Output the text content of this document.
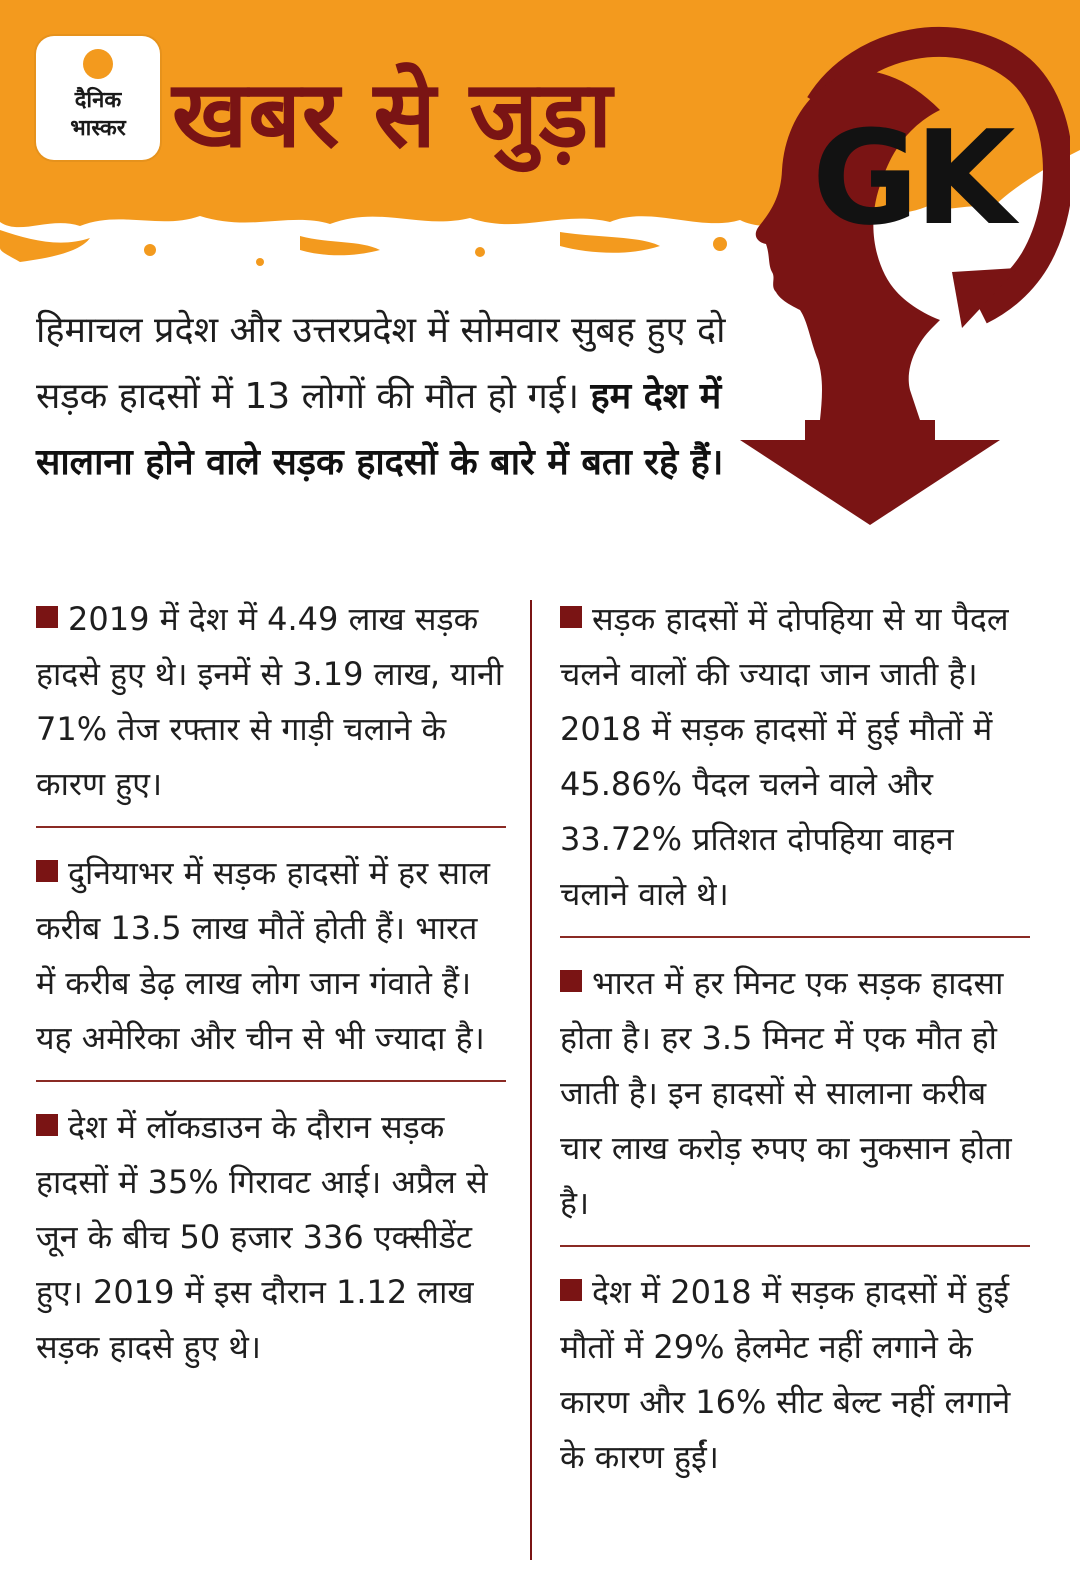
दैनिक
भास्कर खबर से जुड़ा GK
हिमाचल प्रदेश और उत्तरप्रदेश में सोमवार सुबह हुए दो सड़क हादसों में 13 लोगों की मौत हो गई। हम देश में सालाना होने वाले सड़क हादसों के बारे में बता रहे हैं।
2019 में देश में 4.49 लाख सड़क हादसे हुए थे। इनमें से 3.19 लाख, यानी 71% तेज रफ्तार से गाड़ी चलाने के कारण हुए।
दुनियाभर में सड़क हादसों में हर साल करीब 13.5 लाख मौतें होती हैं। भारत में करीब डेढ़ लाख लोग जान गंवाते हैं। यह अमेरिका और चीन से भी ज्यादा है।
देश में लॉकडाउन के दौरान सड़क हादसों में 35% गिरावट आई। अप्रैल से जून के बीच 50 हजार 336 एक्सीडेंट हुए। 2019 में इस दौरान 1.12 लाख सड़क हादसे हुए थे।
सड़क हादसों में दोपहिया से या पैदल चलने वालों की ज्यादा जान जाती है। 2018 में सड़क हादसों में हुई मौतों में 45.86% पैदल चलने वाले और 33.72% प्रतिशत दोपहिया वाहन चलाने वाले थे।
भारत में हर मिनट एक सड़क हादसा होता है। हर 3.5 मिनट में एक मौत हो जाती है। इन हादसों से सालाना करीब चार लाख करोड़ रुपए का नुकसान होता है।
देश में 2018 में सड़क हादसों में हुई मौतों में 29% हेलमेट नहीं लगाने के कारण और 16% सीट बेल्ट नहीं लगाने के कारण हुईं।
